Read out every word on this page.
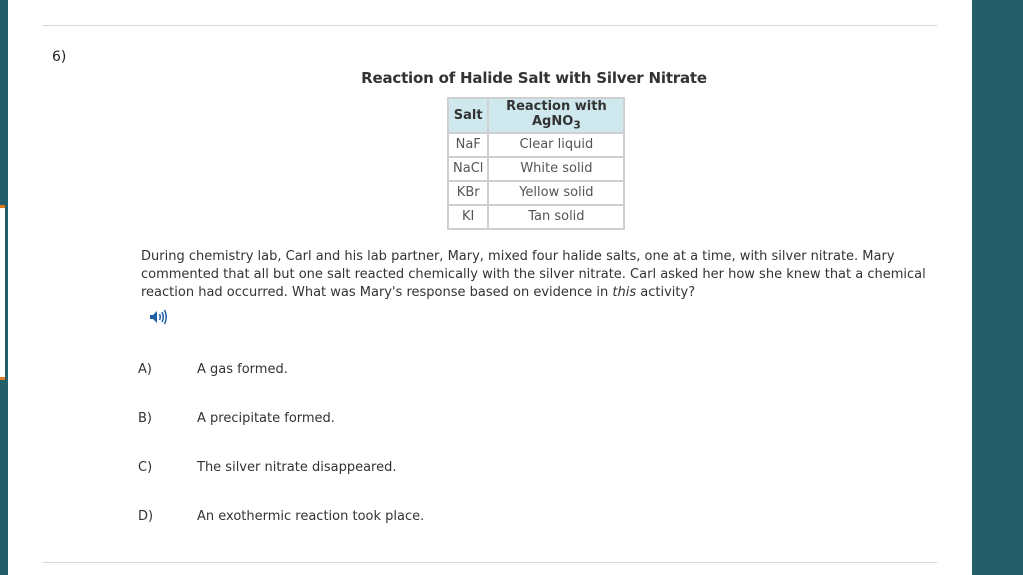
6)
Reaction of Halide Salt with Silver Nitrate
Salt	Reaction with AgNO$_3$
NaF	Clear liquid
NaCl	White solid
KBr	Yellow solid
KI	Tan solid
During chemistry lab, Carl and his lab partner, Mary, mixed four halide salts, one at a time, with silver nitrate. Mary commented that all but one salt reacted chemically with the silver nitrate. Carl asked her how she knew that a chemical reaction had occurred. What was Mary's response based on evidence in this activity?
A)	A gas formed.
B)	A precipitate formed.
C)	The silver nitrate disappeared.
D)	An exothermic reaction took place.
